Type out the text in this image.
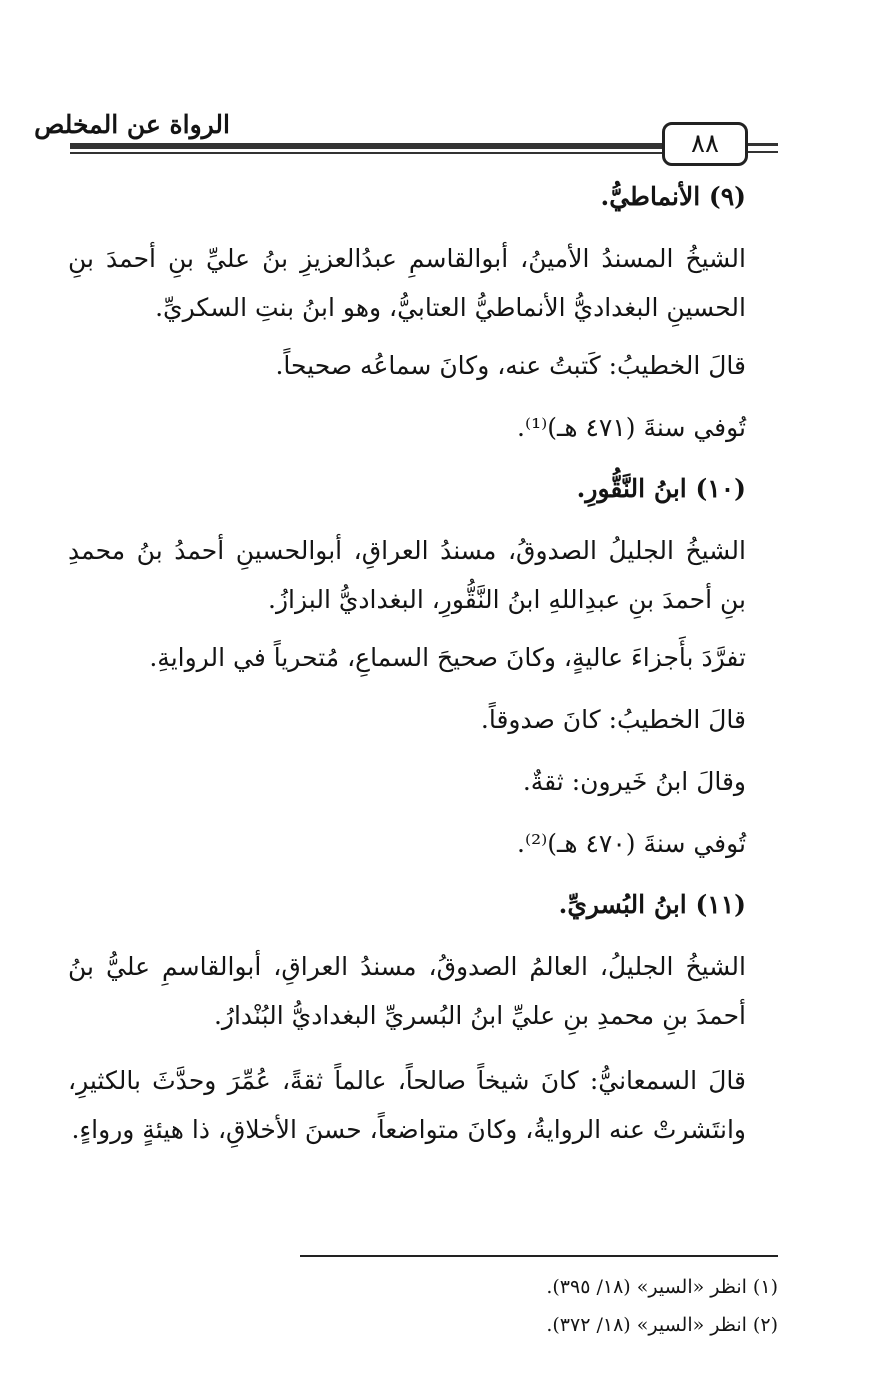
الرواة عن المخلص
٨٨
(٩) الأنماطيُّ.

الشيخُ المسندُ الأمينُ، أبوالقاسمِ عبدُالعزيزِ بنُ عليِّ بنِ أحمدَ بنِ الحسينِ البغداديُّ الأنماطيُّ العتابيُّ، وهو ابنُ بنتِ السكريِّ.

قالَ الخطيبُ: كَتبتُ عنه، وكانَ سماعُه صحيحاً.
تُوفي سنةَ (٤٧١ هـ)⁽¹⁾.
(١٠) ابنُ النَّقُّورِ.

الشيخُ الجليلُ الصدوقُ، مسندُ العراقِ، أبوالحسينِ أحمدُ بنُ محمدِ بنِ أحمدَ بنِ عبدِاللهِ ابنُ النَّقُّورِ، البغداديُّ البزازُ.

تفرَّدَ بأَجزاءَ عاليةٍ، وكانَ صحيحَ السماعِ، مُتحرياً في الروايةِ.
قالَ الخطيبُ: كانَ صدوقاً.
وقالَ ابنُ خَيرون: ثقةٌ.
تُوفي سنةَ (٤٧٠ هـ)⁽²⁾.
(١١) ابنُ البُسريِّ.

الشيخُ الجليلُ، العالمُ الصدوقُ، مسندُ العراقِ، أبوالقاسمِ عليُّ بنُ أحمدَ بنِ محمدِ بنِ عليِّ ابنُ البُسريِّ البغداديُّ البُنْدارُ.

قالَ السمعانيُّ: كانَ شيخاً صالحاً، عالماً ثقةً، عُمِّرَ وحدَّثَ بالكثيرِ، وانتَشرتْ عنه الروايةُ، وكانَ متواضعاً، حسنَ الأخلاقِ، ذا هيئةٍ ورواءٍ.

(١) انظر «السير» (١٨/ ٣٩٥).
(٢) انظر «السير» (١٨/ ٣٧٢).
